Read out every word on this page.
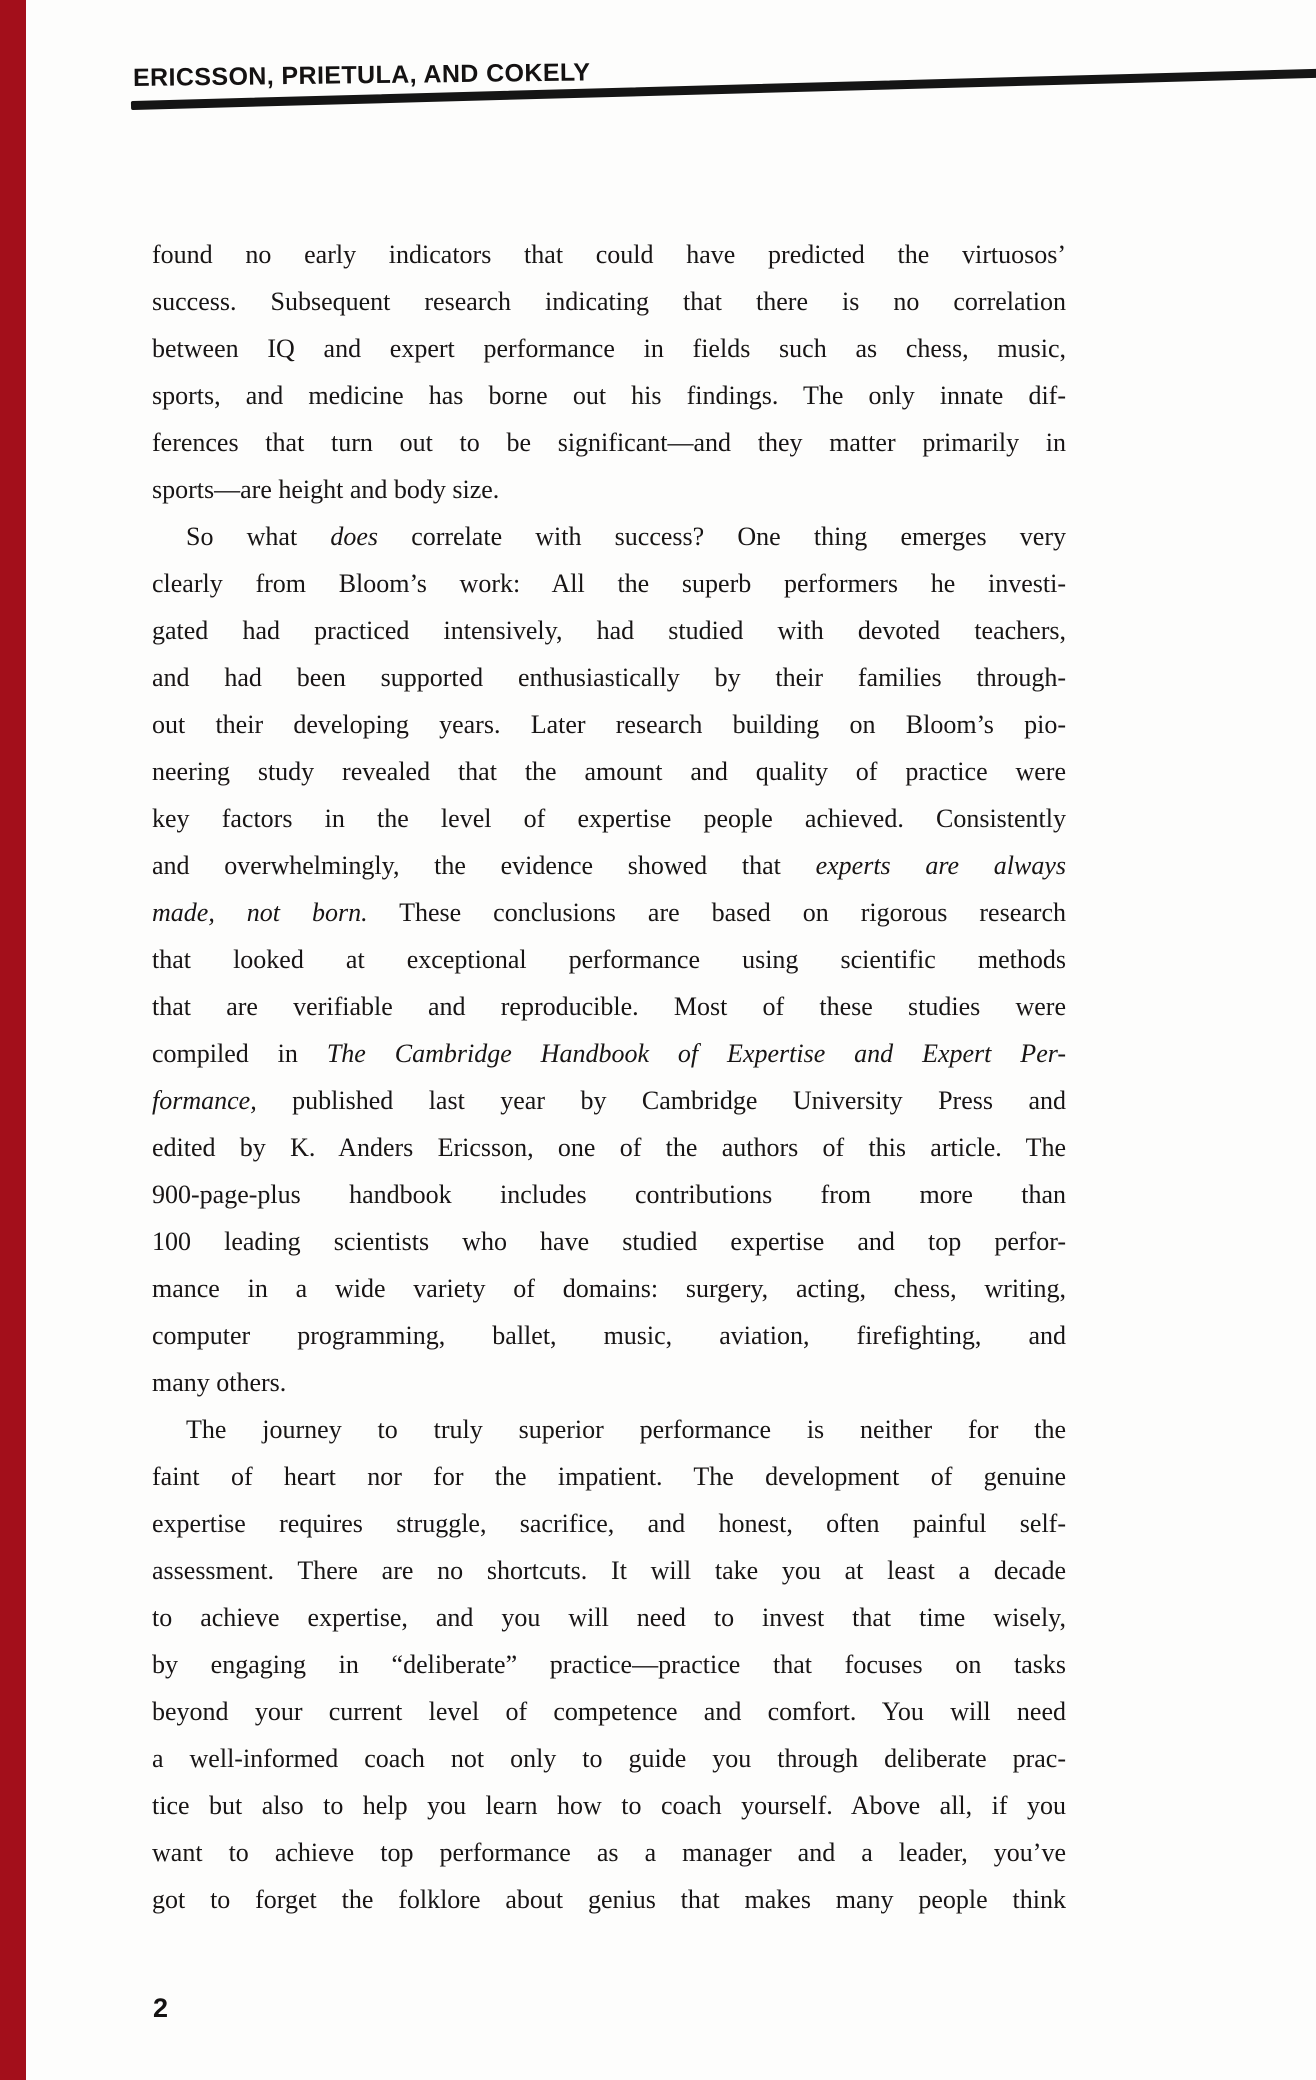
ERICSSON, PRIETULA, AND COKELY
found no early indicators that could have predicted the virtuosos’
success. Subsequent research indicating that there is no correlation
between IQ and expert performance in fields such as chess, music,
sports, and medicine has borne out his findings. The only innate dif-
ferences that turn out to be significant—and they matter primarily in
sports—are height and body size.
So what does correlate with success? One thing emerges very
clearly from Bloom’s work: All the superb performers he investi-
gated had practiced intensively, had studied with devoted teachers,
and had been supported enthusiastically by their families through-
out their developing years. Later research building on Bloom’s pio-
neering study revealed that the amount and quality of practice were
key factors in the level of expertise people achieved. Consistently
and overwhelmingly, the evidence showed that experts are always
made, not born. These conclusions are based on rigorous research
that looked at exceptional performance using scientific methods
that are verifiable and reproducible. Most of these studies were
compiled in The Cambridge Handbook of Expertise and Expert Per-
formance, published last year by Cambridge University Press and
edited by K. Anders Ericsson, one of the authors of this article. The
900-page-plus handbook includes contributions from more than
100 leading scientists who have studied expertise and top perfor-
mance in a wide variety of domains: surgery, acting, chess, writing,
computer programming, ballet, music, aviation, firefighting, and
many others.
The journey to truly superior performance is neither for the
faint of heart nor for the impatient. The development of genuine
expertise requires struggle, sacrifice, and honest, often painful self-
assessment. There are no shortcuts. It will take you at least a decade
to achieve expertise, and you will need to invest that time wisely,
by engaging in “deliberate” practice—practice that focuses on tasks
beyond your current level of competence and comfort. You will need
a well-informed coach not only to guide you through deliberate prac-
tice but also to help you learn how to coach yourself. Above all, if you
want to achieve top performance as a manager and a leader, you’ve
got to forget the folklore about genius that makes many people think
2
